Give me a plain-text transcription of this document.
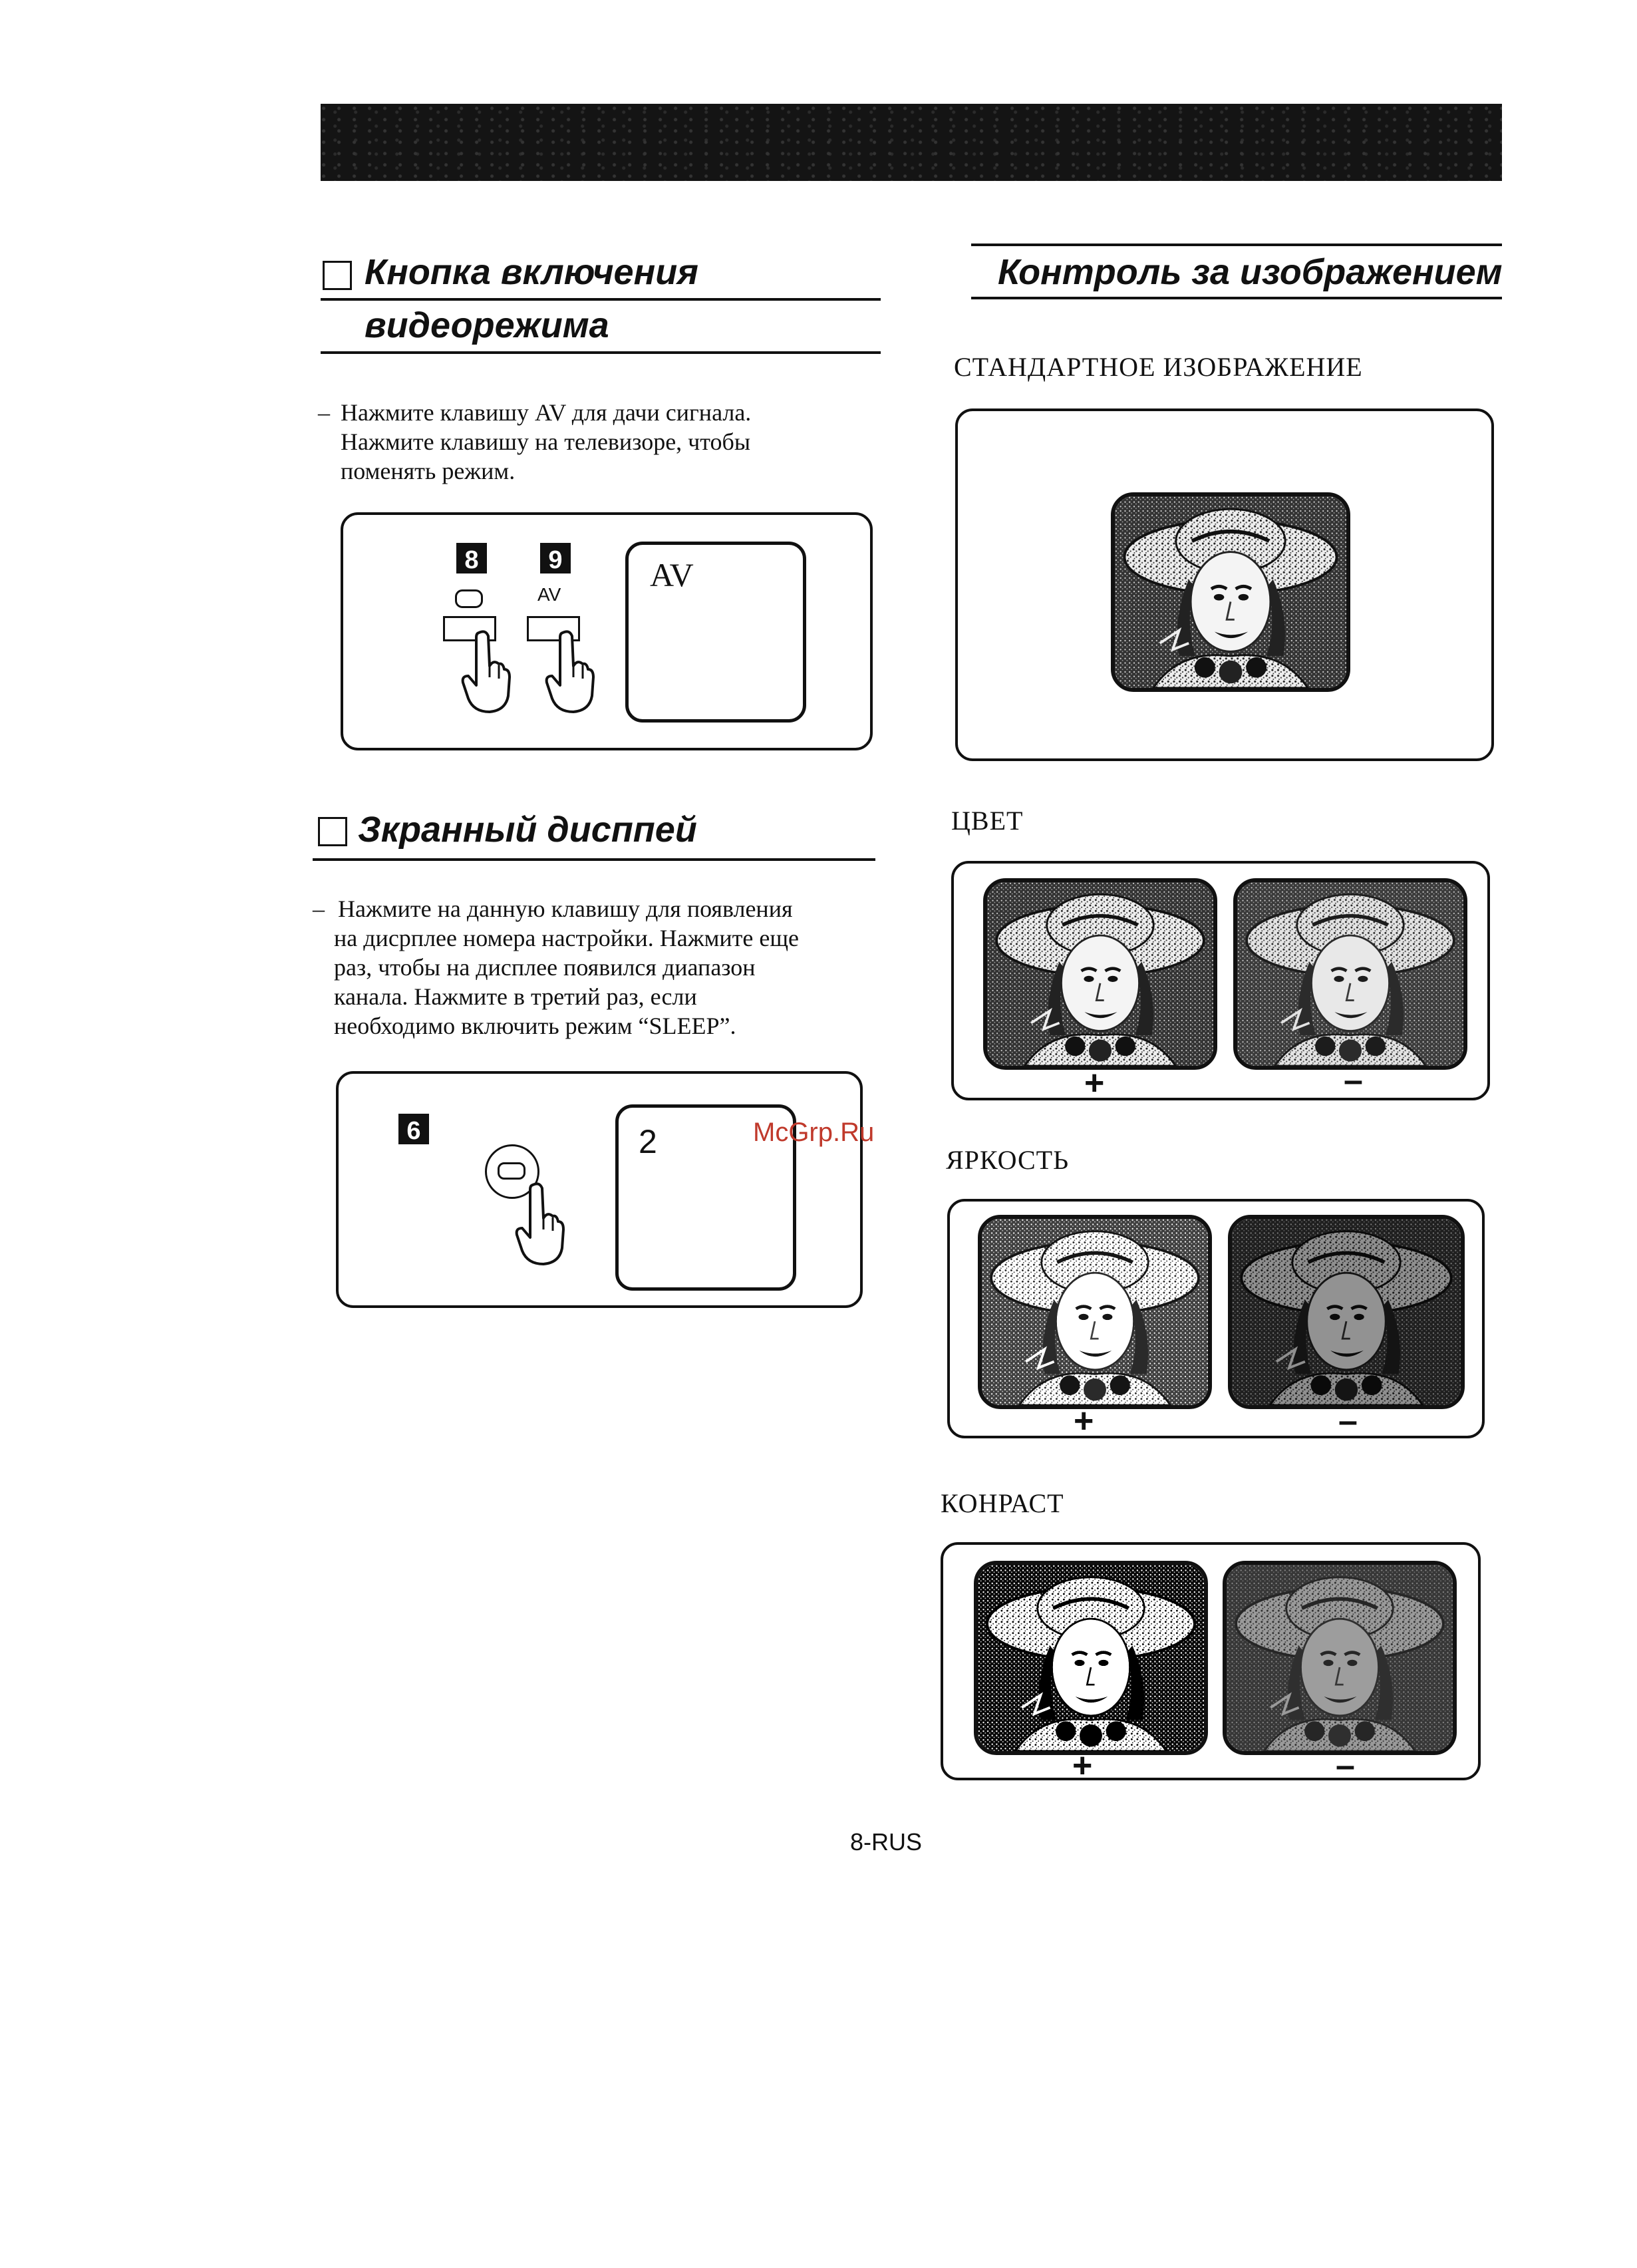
Кнопка включения
видеорежима
– Нажмите клавишу AV для дачи сигнала.
Нажмите клавишу на телевизоре, чтобы
поменять режим.
8	9
AV
AV
Зкранный дисппей
– Нажмите на данную клавишу для появления
на дисрплее номера настройки. Нажмите еще
раз, чтобы на дисплее появился диапазон
канала. Нажмите в третий раз, если
необходимо включить режим “SLEEP”.
6	2	McGrp.Ru
Контроль за изображением
СТАНДАРТНОЕ ИЗОБРАЖЕНИЕ
ЦВЕТ
+	–
ЯРКОСТЬ
+	–
КОНРАСТ
+	–
8-RUS
